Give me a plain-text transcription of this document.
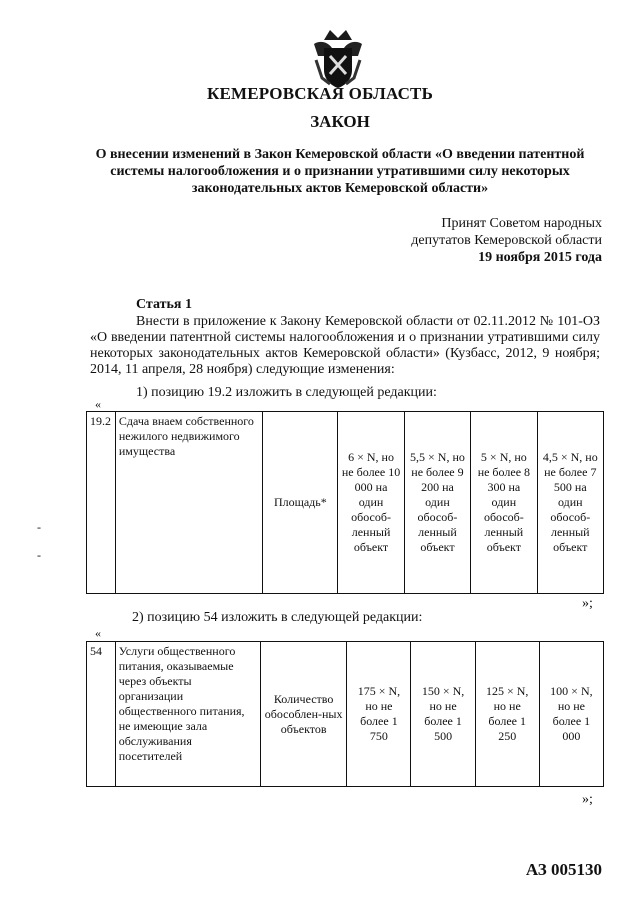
КЕМЕРОВСКАЯ ОБЛАСТЬ
ЗАКОН
О внесении изменений в Закон Кемеровской области «О введении патентной системы налогообложения и о признании утратившими силу некоторых законодательных актов Кемеровской области»
Принят Советом народных
депутатов Кемеровской области
19 ноября 2015 года
Статья 1

Внести в приложение к Закону Кемеровской области от 02.11.2012 № 101-ОЗ «О введении патентной системы налогообложения и о признании утратившими силу некоторых законодательных актов Кемеровской области» (Кузбасс, 2012, 9 ноября; 2014, 11 апреля, 28 ноября) следующие изменения:

1) позицию 19.2 изложить в следующей редакции:
«
19.2	Сдача внаем собственного нежилого недвижимого имущества	Площадь*	6 × N, но не более 10 000 на один обособ-ленный объект	5,5 × N, но не более 9 200 на один обособ-ленный объект	5 × N, но не более 8 300 на один обособ-ленный объект	4,5 × N, но не более 7 500 на один обособ-ленный объект
»;
2) позицию 54 изложить в следующей редакции:
«
54	Услуги общественного питания, оказываемые через объекты организации общественного питания, не имеющие зала обслуживания посетителей	Количество обособлен-ных объектов	175 × N, но не более 1 750	150 × N, но не более 1 500	125 × N, но не более 1 250	100 × N, но не более 1 000
»;
-
-
АЗ 005130
